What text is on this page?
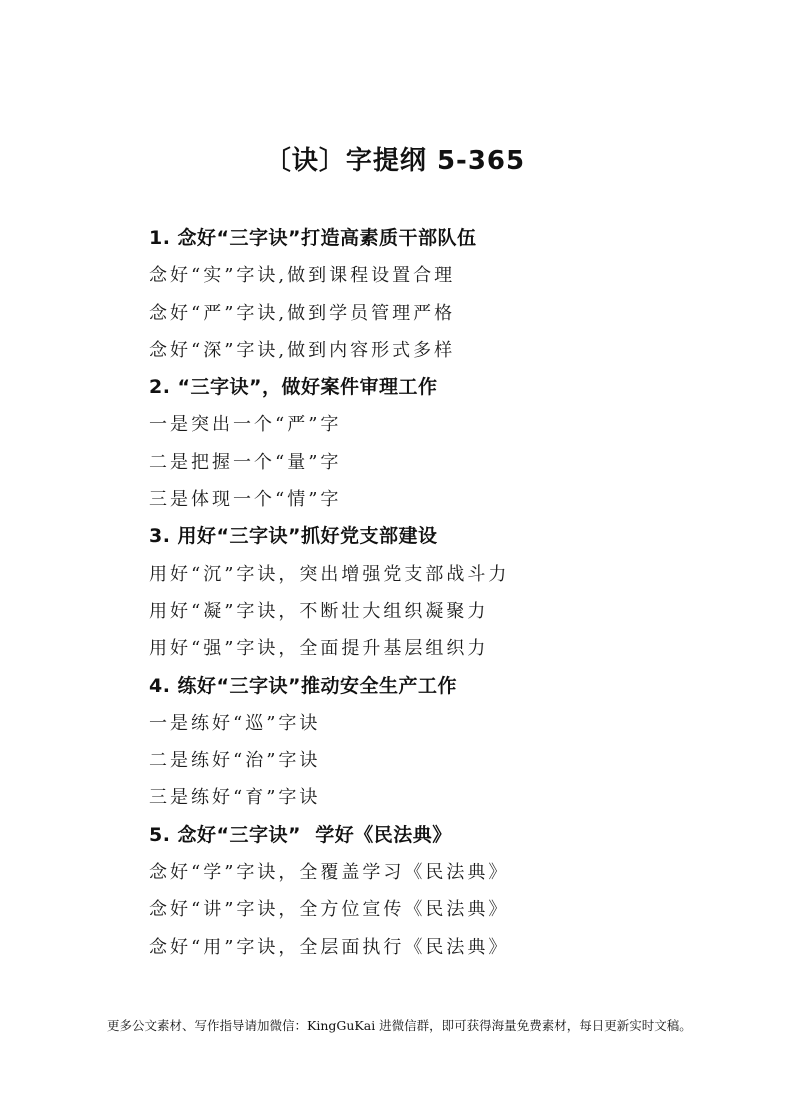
〔诀〕字提纲 5-365
1. 念好“三字诀”打造高素质干部队伍
念好“实”字诀,做到课程设置合理
念好“严”字诀,做到学员管理严格
念好“深”字诀,做到内容形式多样
2. “三字诀”，做好案件审理工作
一是突出一个“严”字
二是把握一个“量”字
三是体现一个“情”字
3. 用好“三字诀”抓好党支部建设
用好“沉”字诀，突出增强党支部战斗力
用好“凝”字诀，不断壮大组织凝聚力
用好“强”字诀，全面提升基层组织力
4. 练好“三字诀”推动安全生产工作
一是练好“巡”字诀
二是练好“治”字诀
三是练好“育”字诀
5. 念好“三字诀”  学好《民法典》
念好“学”字诀，全覆盖学习《民法典》
念好“讲”字诀，全方位宣传《民法典》
念好“用”字诀，全层面执行《民法典》

更多公文素材、写作指导请加微信：KingGuKai 进微信群，即可获得海量免费素材，每日更新实时文稿。
